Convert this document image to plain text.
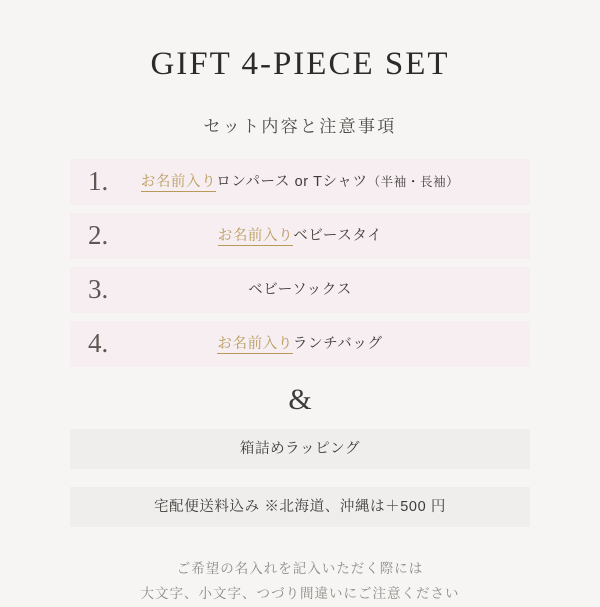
GIFT 4-PIECE SET
セット内容と注意事項
1.	お名前入りロンパース or Tシャツ（半袖・長袖）
2.	お名前入りベビースタイ
3.	ベビーソックス
4.	お名前入りランチバッグ
&
箱詰めラッピング
宅配便送料込み ※北海道、沖縄は＋500 円
ご希望の名入れを記入いただく際には
大文字、小文字、つづり間違いにご注意ください
